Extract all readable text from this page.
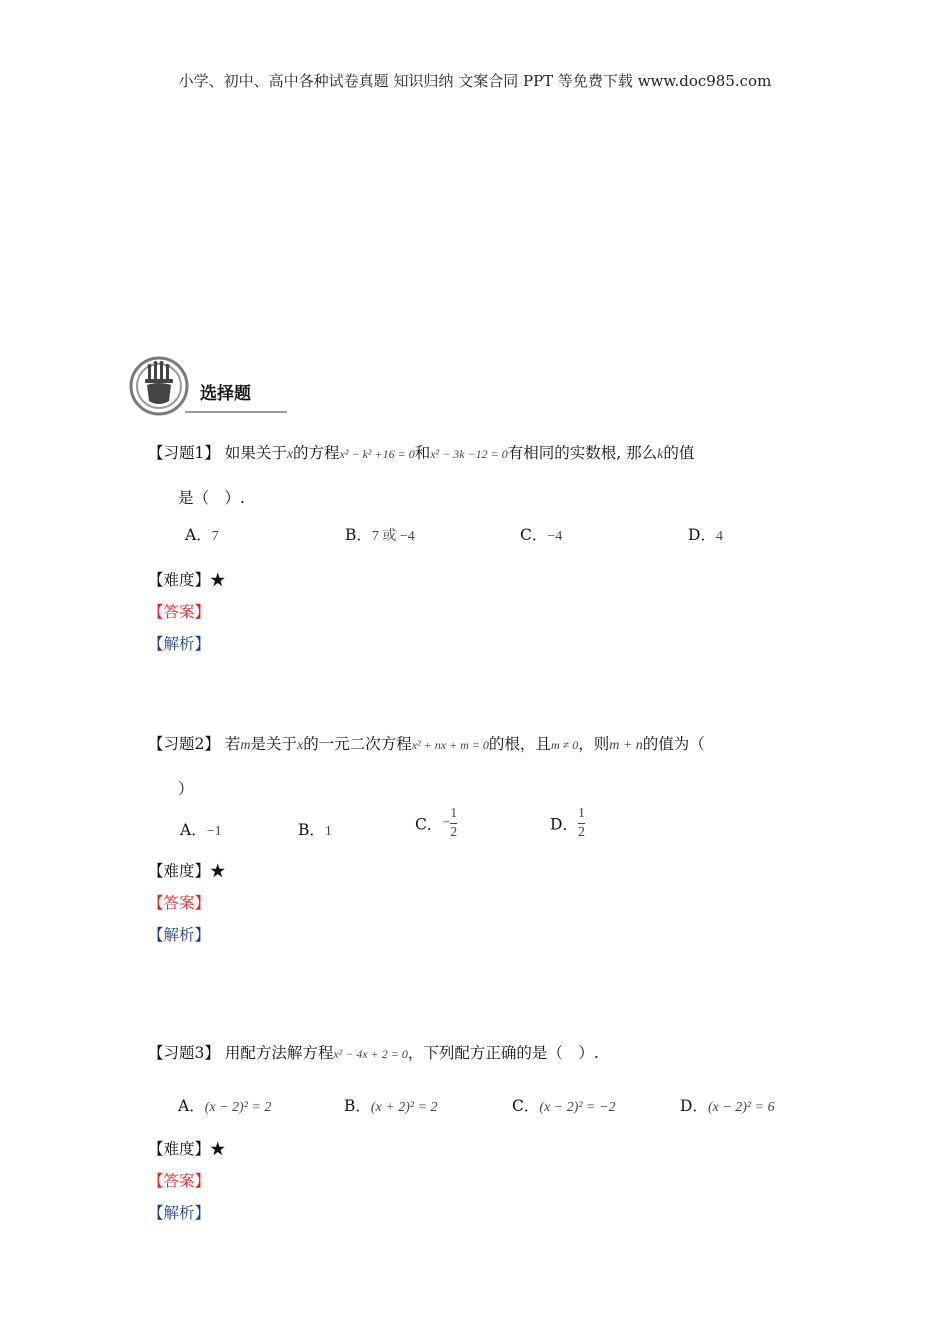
小学、初中、高中各种试卷真题 知识归纳 文案合同 PPT 等免费下载 www.doc985.com
选择题
【习题1】 如果关于x的方程x² − k² +16 = 0和x² − 3k −12 = 0有相同的实数根, 那么k的值
是（　）.
A．7	B．7 或 −4	C．−4	D．4
【难度】★
【答案】
【解析】
【习题2】 若m是关于x的一元二次方程x² + nx + m = 0的根，且m ≠ 0，则m + n的值为（
）
A．−1	B．1	C．− $\frac{1}{2}$	D． $\frac{1}{2}$
【难度】★
【答案】
【解析】
【习题3】 用配方法解方程x² − 4x + 2 = 0，下列配方正确的是（　）.
A．(x − 2)² = 2	B．(x + 2)² = 2	C．(x − 2)² = −2	D．(x − 2)² = 6
【难度】★
【答案】
【解析】
